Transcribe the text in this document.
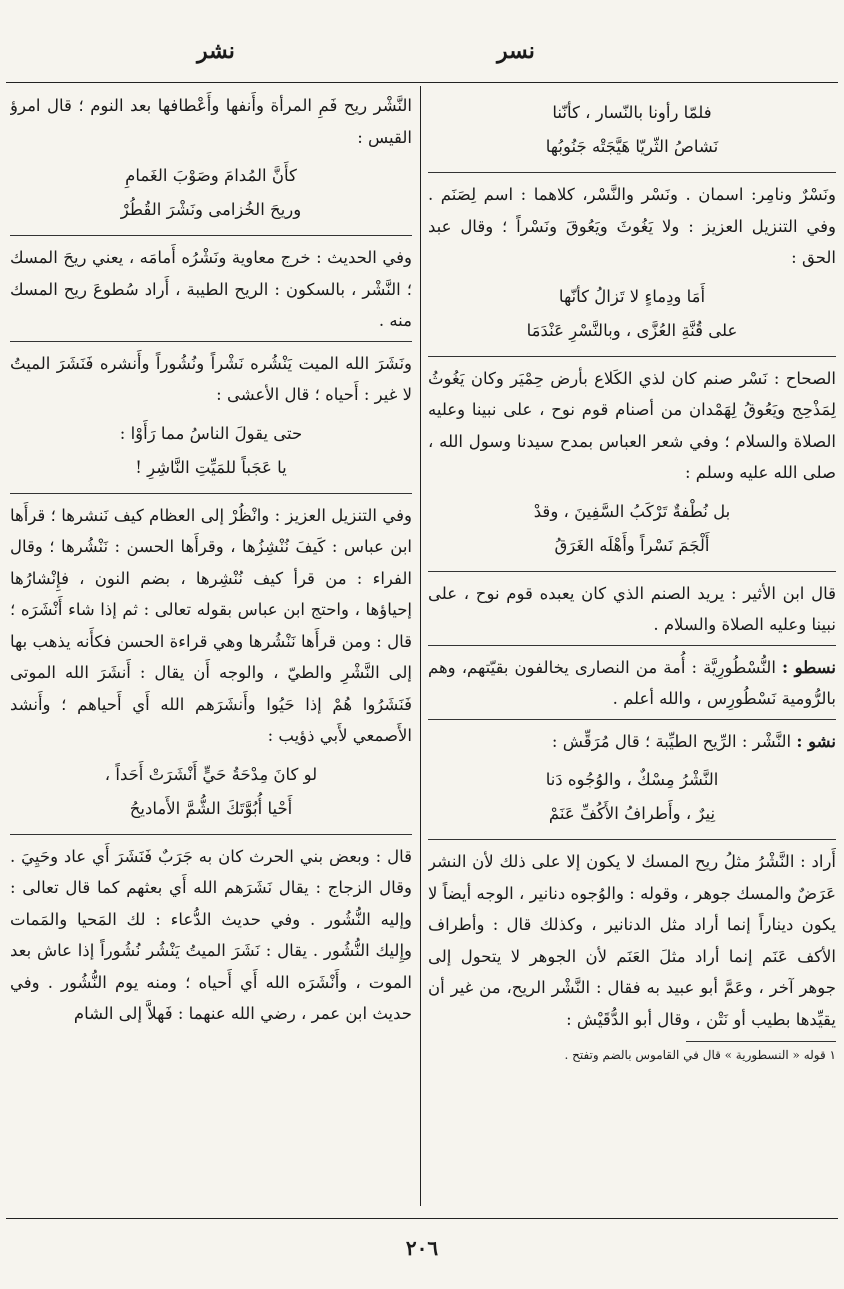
نسر
نشر
فلمّا رأونا بالنّسار ، كأنّنا
نَشاصُ الثّريّا هَيَّجَتْه جَنُوبُها

ونَسْرٌ ونامِر: اسمان . ونَسْر والنَّسْر، كلاهما : اسم لِصَنَم . وفي التنزيل العزيز : ولا يَغُوثَ ويَعُوقَ ونَسْراً ؛ وقال عبد الحق :

أَمَا ودِماءٍ لا تَزالُ كأنّها
على قُنَّةِ العُزَّى ، وبالنَّسْرِ عَنْدَمَا

الصحاح : نَسْر صنم كان لذي الكَلاع بأرض حِمْيَر وكان يَغُوثُ لِمَذْحِج ويَعُوقُ لِهَمْدان من أصنام قوم نوح ، على نبينا وعليه الصلاة والسلام ؛ وفي شعر العباس بمدح سيدنا وسول الله ، صلى الله عليه وسلم :

بل نُطْفةٌ تَرْكَبُ السَّفِينَ ، وقدْ
أَلْجَمَ نَسْراً وأَهْلَه الغَرَقُ

قال ابن الأثير : يريد الصنم الذي كان يعبده قوم نوح ، على نبينا وعليه الصلاة والسلام .

نسطو : النُّسْطُورِيَّة : أُمة من النصارى يخالفون بقيّتهم، وهم بالرُّومية نَسْطُورِس ، والله أعلم .

نشو : النَّشْر : الرِّيح الطيِّبة ؛ قال مُرَقِّش :

النَّشْرُ مِسْكٌ ، والوُجُوه دَنا
نِيرٌ ، وأَطرافُ الأَكُفِّ عَنَمْ

أَراد : النَّشْرُ مثلُ ريح المسك لا يكون إلا على ذلك لأن النشر عَرَضٌ والمسك جوهر ، وقوله : والوُجوه دنانير ، الوجه أيضاً لا يكون ديناراً إنما أراد مثل الدنانير ، وكذلك قال : وأطراف الأكف عَنَم إنما أراد مثلَ العَنَم لأن الجوهر لا يتحول إلى جوهر آخر ، وعَمَّ أبو عبيد به فقال : النَّشْر الريح، من غير أن يقيِّدها بطيب أو نَتْن ، وقال أبو الدُّقَيْش :

١ قوله « النسطورية » قال في القاموس بالضم وتفتح .

النَّشْر ريح فَمِ المرأة وأَنفها وأَعْطافها بعد النوم ؛ قال امرؤ القيس :

كأَنَّ المُدامَ وصَوْبَ الغَمامِ
وريحَ الخُزامى ونَشْرَ القُطُرْ

وفي الحديث : خرج معاوية ونَشْرُه أَمامَه ، يعني ريحَ المسك ؛ النَّشْر ، بالسكون : الريح الطيبة ، أَراد سُطوعَ ريح المسك منه .

ونَشَرَ الله الميت يَنْشُره نَشْراً ونُشُوراً وأَنشره فَنَشَرَ الميتُ لا غير : أَحياه ؛ قال الأعشى :

حتى يقولَ الناسُ مما رَأَوْا :
يا عَجَباً للمَيِّتِ النَّاشِرِ !

وفي التنزيل العزيز : وانْظُرْ إلى العظام كيف نَنشرها ؛ قرأَها ابن عباس : كَيفَ نُنْشِزُها ، وقرأَها الحسن : نَنْشُرها ؛ وقال الفراء : من قرأ كيف نُنْشِرها ، بضم النون ، فإِنْشارُها إحياؤها ، واحتج ابن عباس بقوله تعالى : ثم إذا شاء أَنْشَرَه ؛ قال : ومن قرأَها نَنْشُرها وهي قراءة الحسن فكأَنه يذهب بها إلى النَّشْرِ والطيّ ، والوجه أَن يقال : أَنشَرَ الله الموتى فَنَشَرُوا هُمْ إذا حَيُوا وأَنشَرَهم الله أَي أَحياهم ؛ وأَنشد الأَصمعي لأَبي ذؤيب :

لو كانَ مِدْحَةُ حَيٍّ أَنْشَرَتْ أَحَداً ،
أَحْيا أُبُوَّتَكَ الشُّمَّ الأَماديحُ

قال : وبعض بني الحرث كان به جَرَبٌ فَنَشَرَ أَي عاد وحَيِيَ . وقال الزجاج : يقال نَشَرَهم الله أَي بعثهم كما قال تعالى : وإليه النُّشُور . وفي حديث الدُّعاء : لك المَحيا والمَمات وإِليك النُّشُور . يقال : نَشَرَ الميتُ يَنْشُر نُشُوراً إذا عاش بعد الموت ، وأَنْشَرَه الله أَي أَحياه ؛ ومنه يوم النُّشُور . وفي حديث ابن عمر ، رضي الله عنهما : فَهلاَّ إلى الشام

٢٠٦
